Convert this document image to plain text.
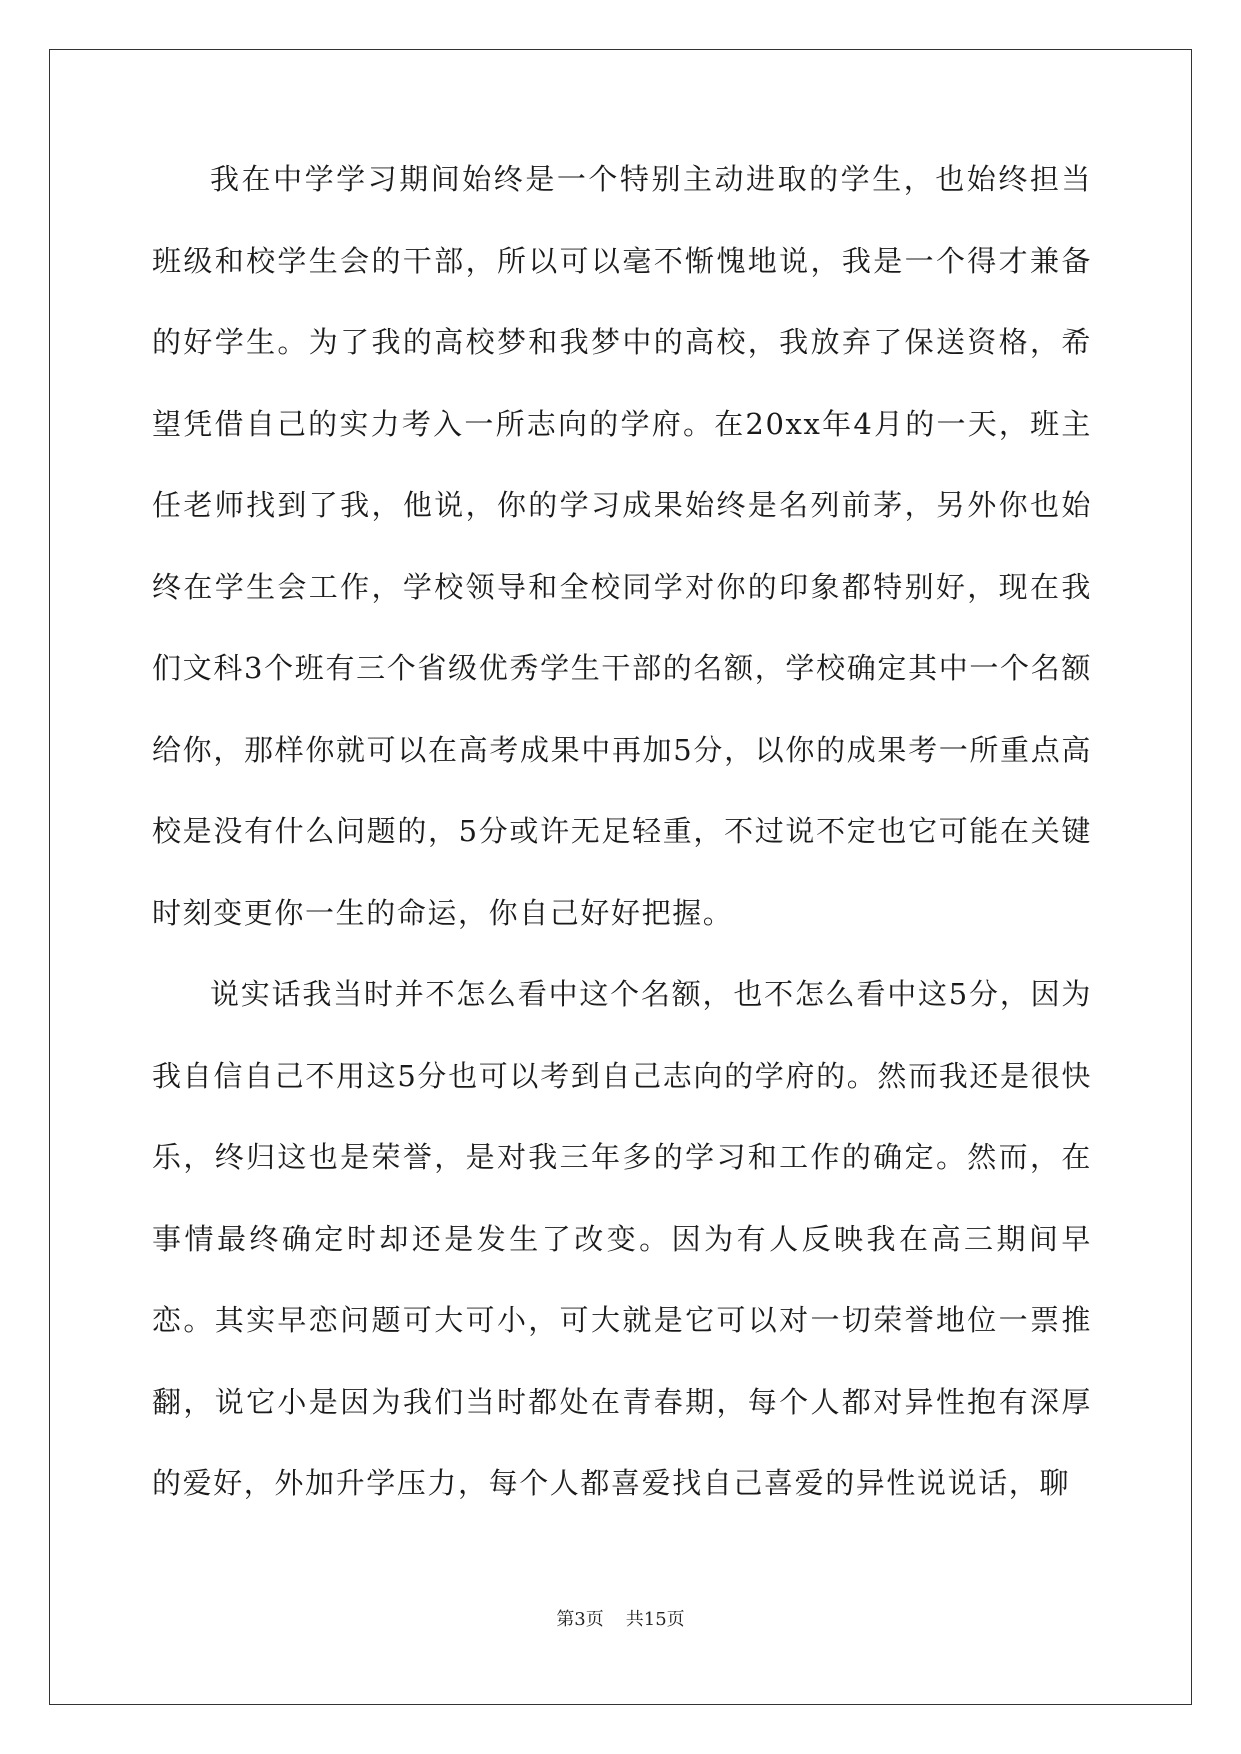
我在中学学习期间始终是一个特别主动进取的学生，也始终担当班级和校学生会的干部，所以可以毫不惭愧地说，我是一个得才兼备的好学生。为了我的高校梦和我梦中的高校，我放弃了保送资格，希望凭借自己的实力考入一所志向的学府。在20xx年4月的一天，班主任老师找到了我，他说，你的学习成果始终是名列前茅，另外你也始终在学生会工作，学校领导和全校同学对你的印象都特别好，现在我们文科3个班有三个省级优秀学生干部的名额，学校确定其中一个名额给你，那样你就可以在高考成果中再加5分，以你的成果考一所重点高校是没有什么问题的，5分或许无足轻重，不过说不定也它可能在关键时刻变更你一生的命运，你自己好好把握。

说实话我当时并不怎么看中这个名额，也不怎么看中这5分，因为我自信自己不用这5分也可以考到自己志向的学府的。然而我还是很快乐，终归这也是荣誉，是对我三年多的学习和工作的确定。然而，在事情最终确定时却还是发生了改变。因为有人反映我在高三期间早恋。其实早恋问题可大可小，可大就是它可以对一切荣誉地位一票推翻，说它小是因为我们当时都处在青春期，每个人都对异性抱有深厚的爱好，外加升学压力，每个人都喜爱找自己喜爱的异性说说话，聊

第3页 共15页
